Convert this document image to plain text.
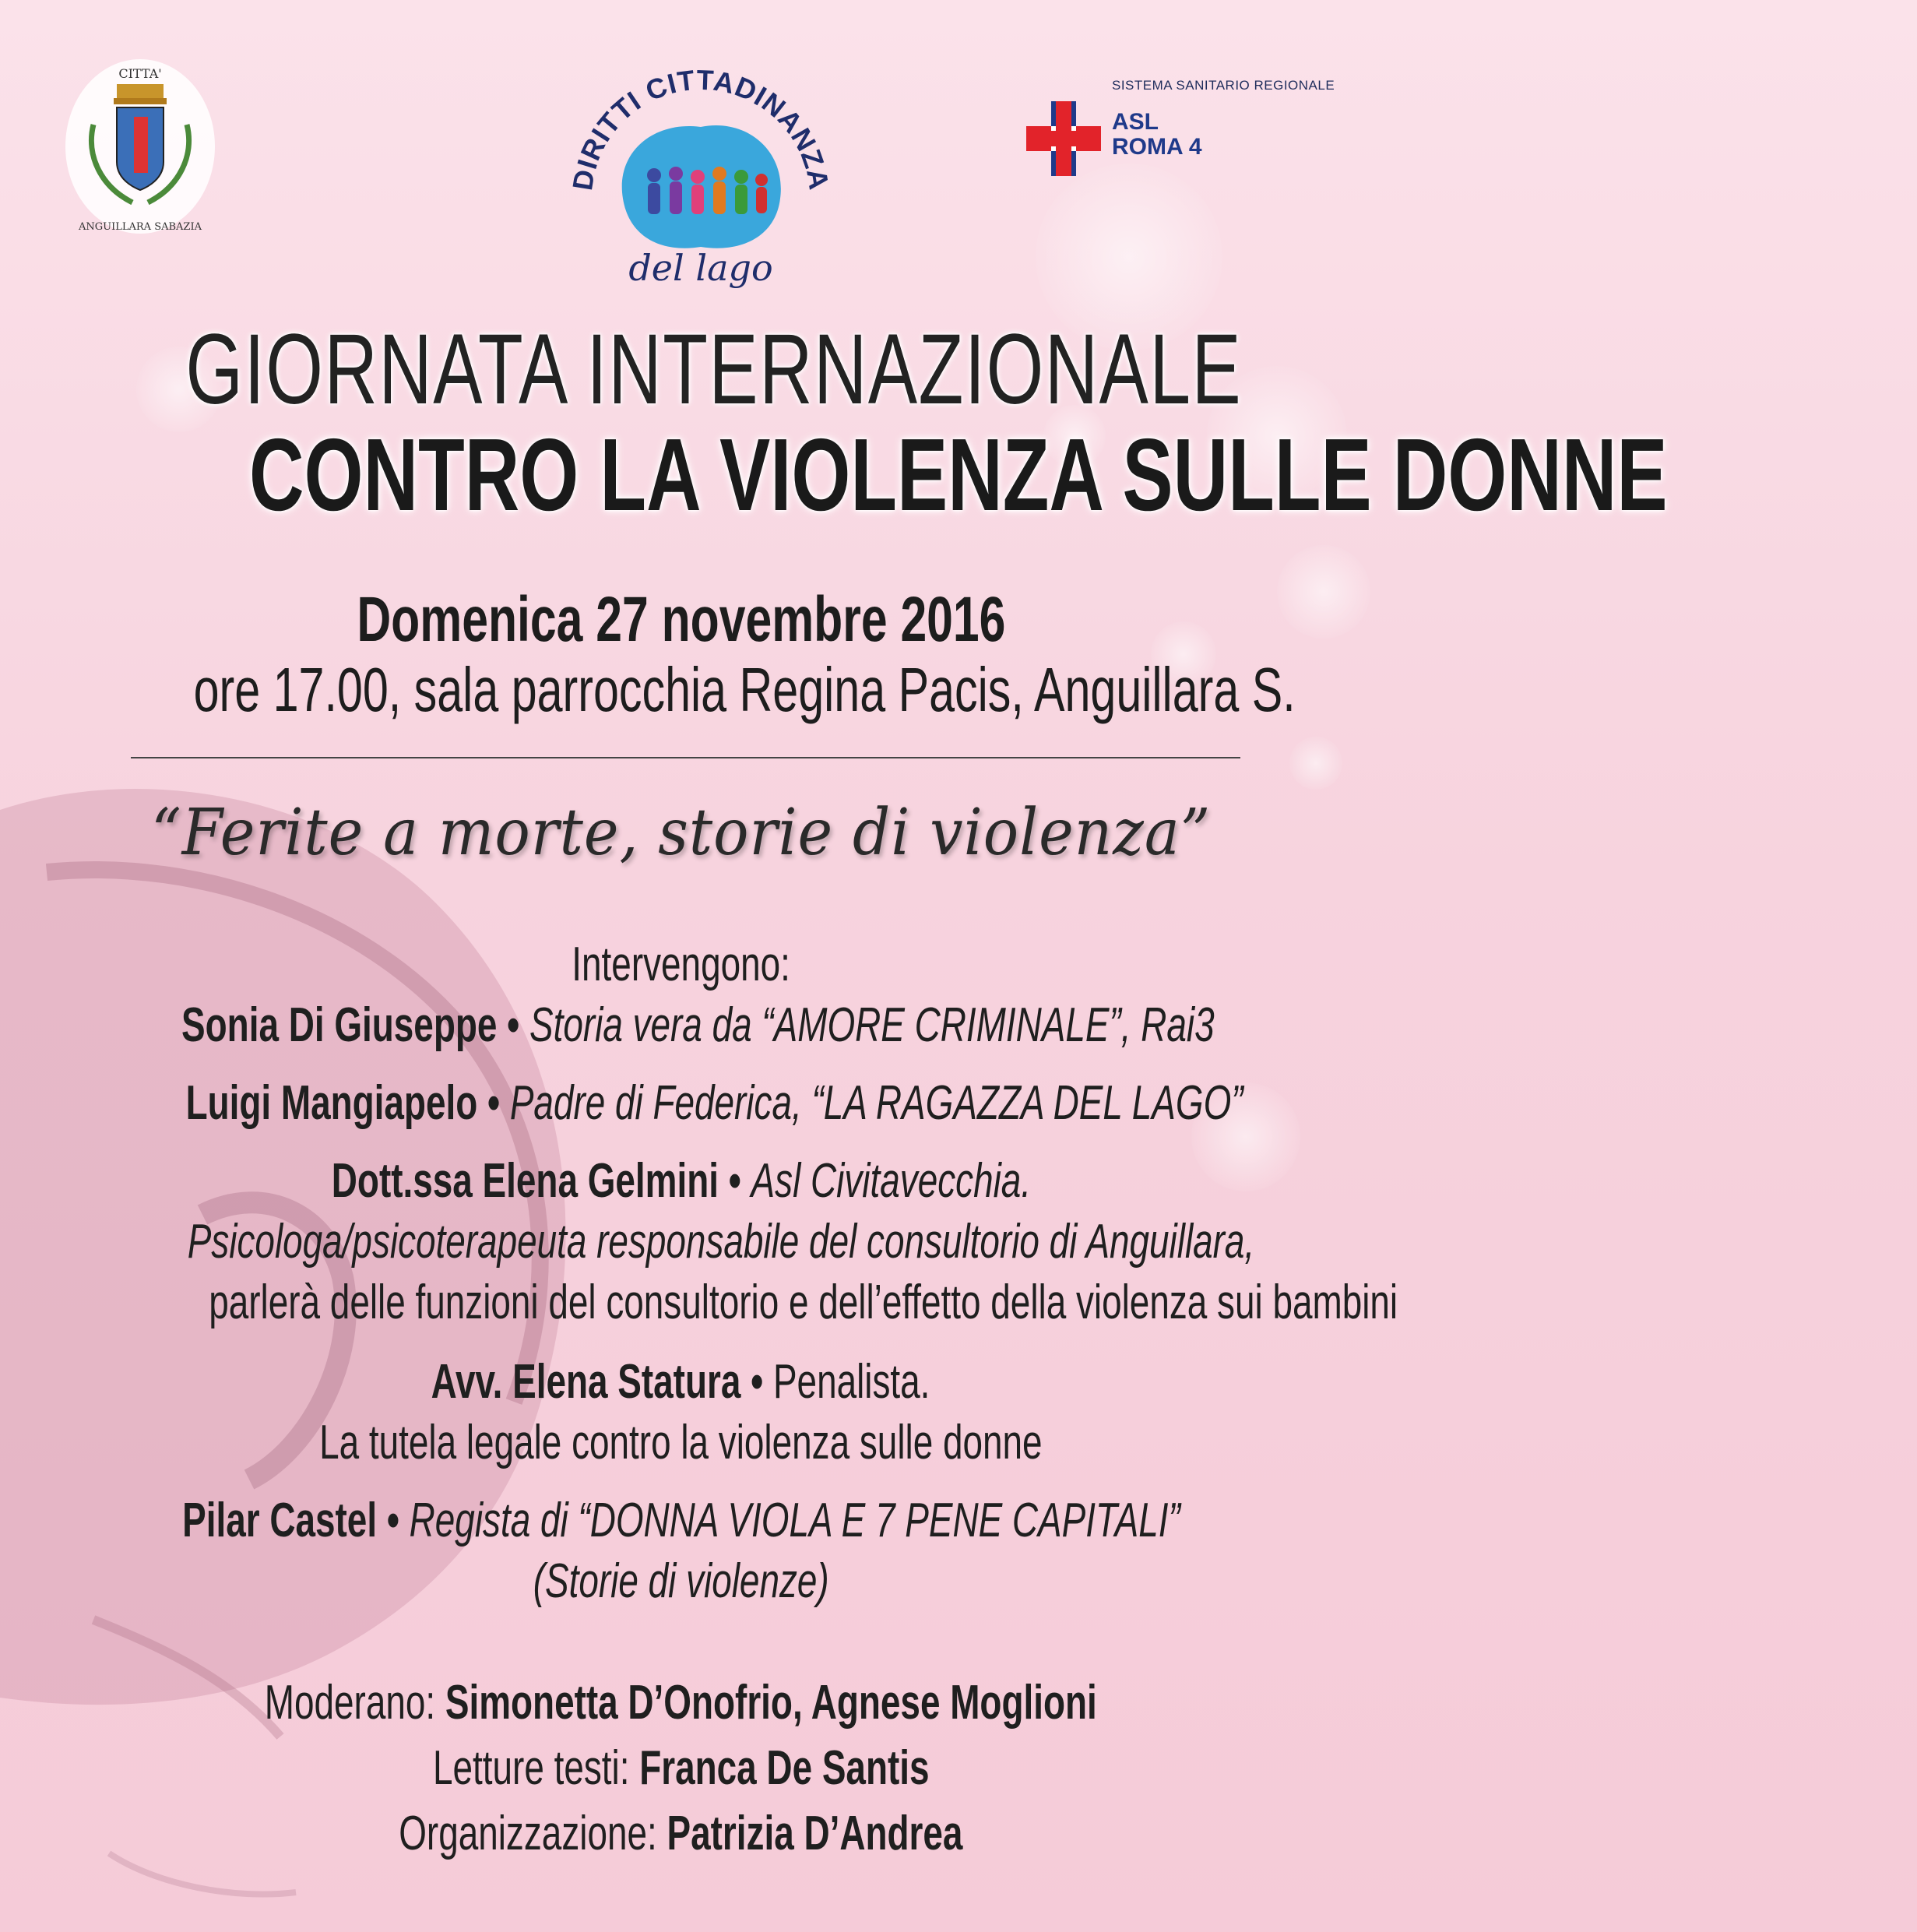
CITTA'
ANGUILLARA SABAZIA
DIRITTI CITTADINANZA
del lago
SISTEMA SANITARIO REGIONALE
ASL
ROMA 4
GIORNATA INTERNAZIONALE
CONTRO LA VIOLENZA SULLE DONNE
Domenica 27 novembre 2016
ore 17.00, sala parrocchia Regina Pacis, Anguillara S.
“Ferite a morte, storie di violenza”
Intervengono:
Sonia Di Giuseppe • Storia vera da “AMORE CRIMINALE”, Rai3
Luigi Mangiapelo • Padre di Federica, “LA RAGAZZA DEL LAGO”
Dott.ssa Elena Gelmini • Asl Civitavecchia.
Psicologa/psicoterapeuta responsabile del consultorio di Anguillara,
parlerà delle funzioni del consultorio e dell’effetto della violenza sui bambini
Avv. Elena Statura • Penalista.
La tutela legale contro la violenza sulle donne
Pilar Castel • Regista di “DONNA VIOLA E 7 PENE CAPITALI”
(Storie di violenze)
Moderano: Simonetta D’Onofrio, Agnese Moglioni
Letture testi: Franca De Santis
Organizzazione: Patrizia D’Andrea
